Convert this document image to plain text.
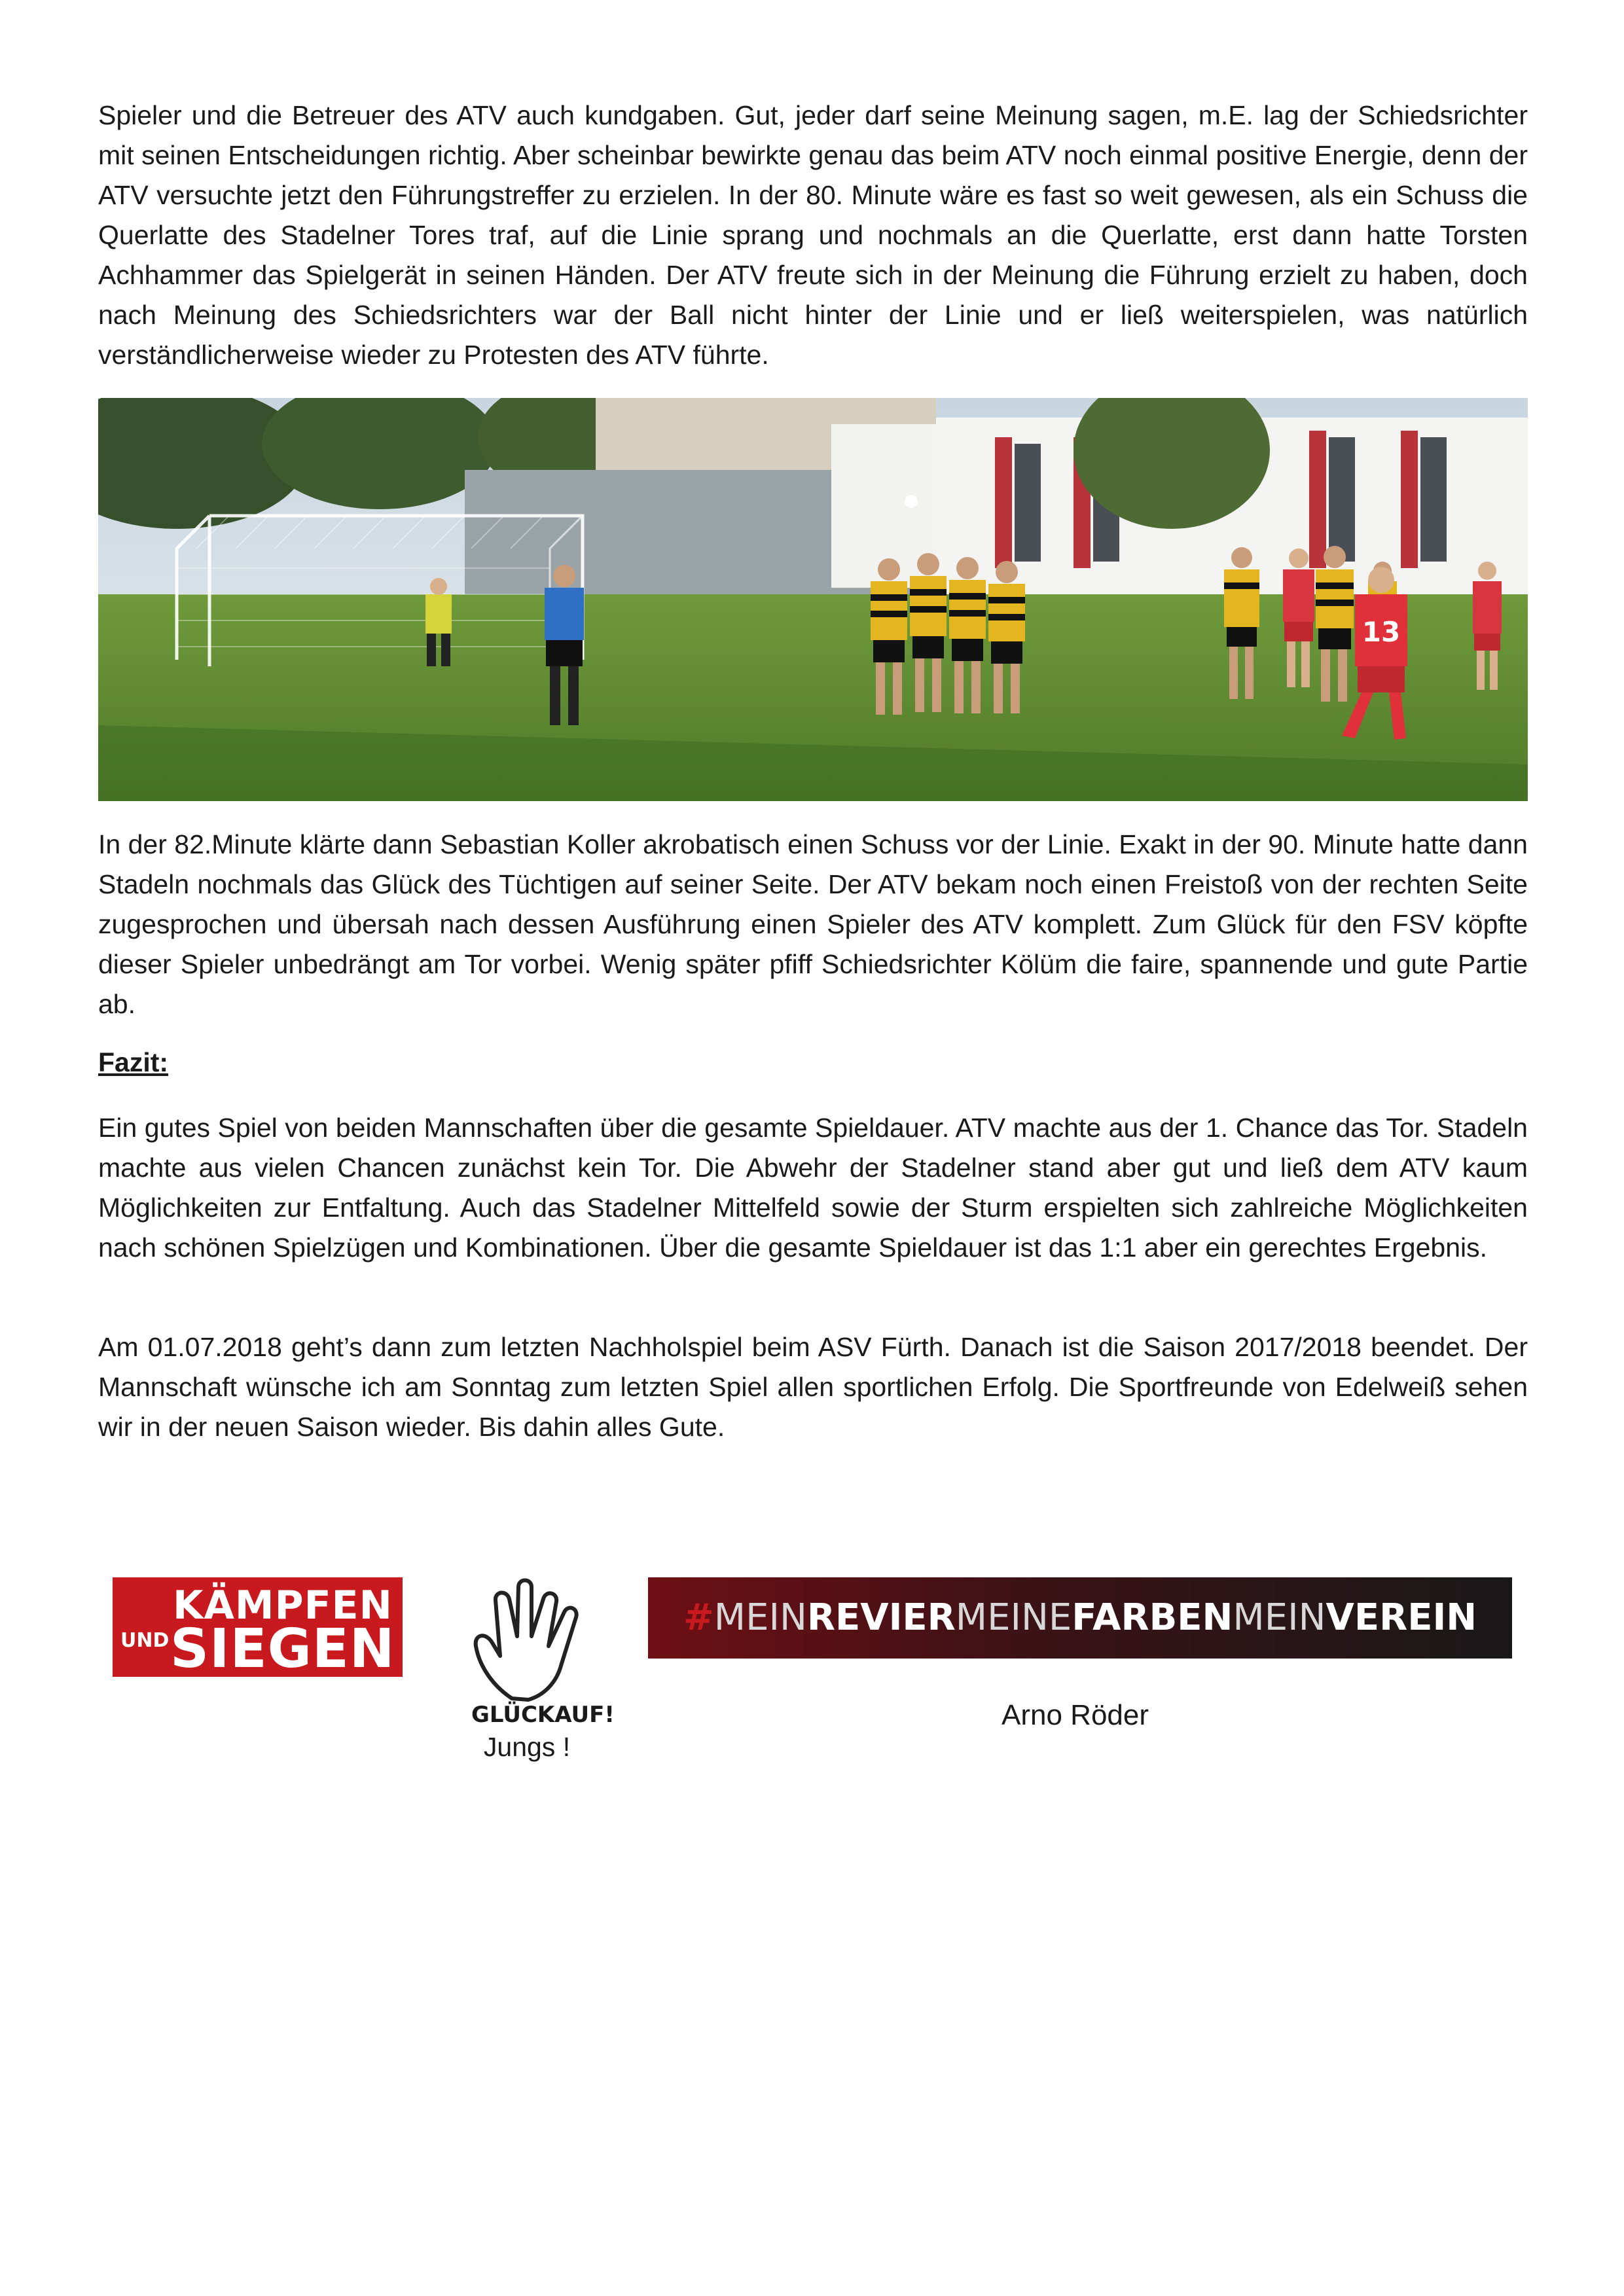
Spieler und die Betreuer des ATV auch kundgaben. Gut, jeder darf seine Meinung sagen, m.E. lag der Schiedsrichter mit seinen Entscheidungen richtig. Aber scheinbar bewirkte genau das beim ATV noch einmal positive Energie, denn der ATV versuchte jetzt den Führungstreffer zu erzielen. In der 80. Minute wäre es fast so weit gewesen, als ein Schuss die Querlatte des Stadelner Tores traf, auf die Linie sprang und nochmals an die Querlatte, erst dann hatte Torsten Achhammer das Spielgerät in seinen Händen. Der ATV freute sich in der Meinung die Führung erzielt zu haben, doch nach Meinung des Schiedsrichters war der Ball nicht hinter der Linie und er ließ weiterspielen, was natürlich verständlicherweise wieder zu Protesten des ATV führte.

13

In der 82.Minute klärte dann Sebastian Koller akrobatisch einen Schuss vor der Linie. Exakt in der 90. Minute hatte dann Stadeln nochmals das Glück des Tüchtigen auf seiner Seite. Der ATV bekam noch einen Freistoß von der rechten Seite zugesprochen und übersah nach dessen Ausführung einen Spieler des ATV komplett. Zum Glück für den FSV köpfte dieser Spieler unbedrängt am Tor vorbei. Wenig später pfiff Schiedsrichter Kölüm die faire, spannende und gute Partie ab.

Fazit:

Ein gutes Spiel von beiden Mannschaften über die gesamte Spieldauer. ATV machte aus der 1. Chance das Tor. Stadeln machte aus vielen Chancen zunächst kein Tor. Die Abwehr der Stadelner stand aber gut und ließ dem ATV kaum Möglichkeiten zur Entfaltung. Auch das Stadelner Mittelfeld sowie der Sturm erspielten sich zahlreiche Möglichkeiten nach schönen Spielzügen und Kombinationen. Über die gesamte Spieldauer ist das 1:1 aber ein gerechtes Ergebnis.

Am 01.07.2018 geht’s dann zum letzten Nachholspiel beim ASV Fürth. Danach ist die Saison 2017/2018 beendet. Der Mannschaft wünsche ich am Sonntag zum letzten Spiel allen sportlichen Erfolg. Die Sportfreunde von Edelweiß sehen wir in der neuen Saison wieder. Bis dahin alles Gute.

KÄMPFEN
UND SIEGEN
GLÜCKAUF!
Jungs !
#MEINREVIERMEINEFARBENMEINVEREIN
Arno Röder
